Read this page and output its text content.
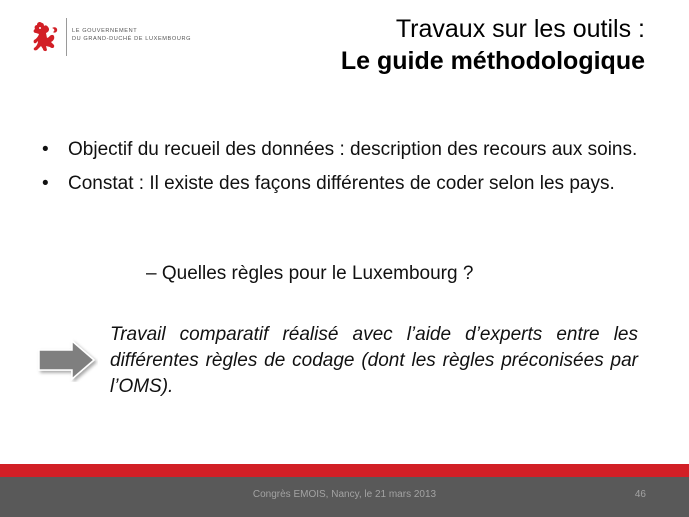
LE GOUVERNEMENT
DU GRAND-DUCHÉ DE LUXEMBOURG	Travaux sur les outils :
Le guide méthodologique
• Objectif du recueil des données : description des recours aux soins.
• Constat : Il existe des façons différentes de coder selon les pays.
– Quelles règles pour le Luxembourg ?
Travail comparatif réalisé avec l’aide d’experts entre les différentes règles de codage (dont les règles préconisées par l’OMS).
Congrès EMOIS, Nancy, le 21 mars 2013	46
